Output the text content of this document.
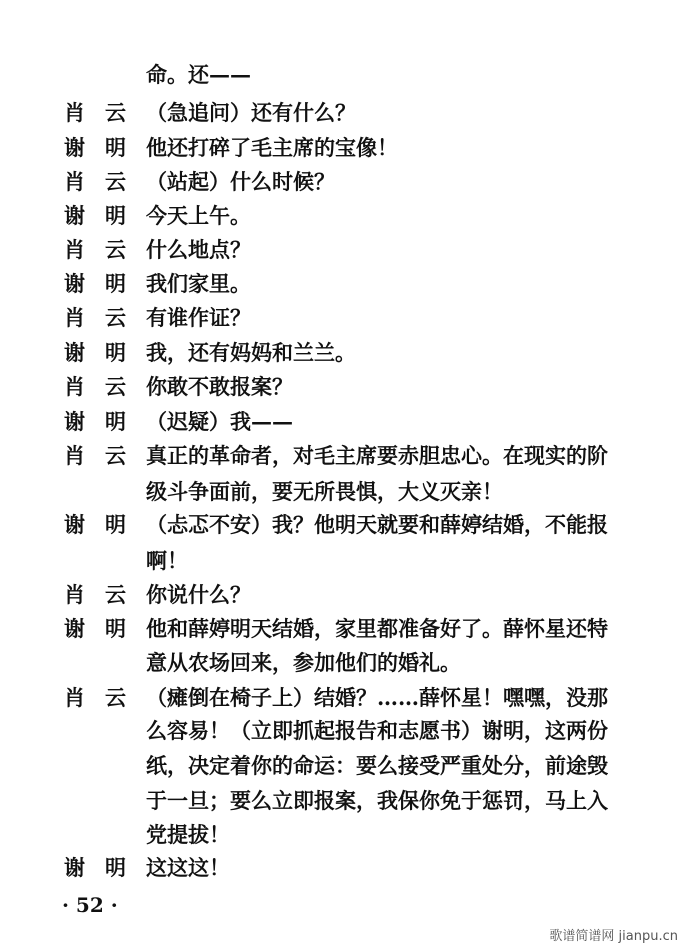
命。还——
肖云 （急追问）还有什么？
谢明 他还打碎了毛主席的宝像！
肖云 （站起）什么时候？
谢明 今天上午。
肖云 什么地点？
谢明 我们家里。
肖云 有谁作证？
谢明 我，还有妈妈和兰兰。
肖云 你敢不敢报案？
谢明 （迟疑）我——
肖云 真正的革命者，对毛主席要赤胆忠心。在现实的阶
级斗争面前，要无所畏惧，大义灭亲！
谢明 （忐忑不安）我？他明天就要和薛婷结婚，不能报
啊！
肖云 你说什么？
谢明 他和薛婷明天结婚，家里都准备好了。薛怀星还特
意从农场回来，参加他们的婚礼。
肖云 （瘫倒在椅子上）结婚？……薛怀星！嘿嘿，没那
么容易！（立即抓起报告和志愿书）谢明，这两份
纸，决定着你的命运：要么接受严重处分，前途毁
于一旦；要么立即报案，我保你免于惩罚，马上入
党提拔！
谢明 这这这！
· 52 ·
歌谱简谱网 jianpu.cn
